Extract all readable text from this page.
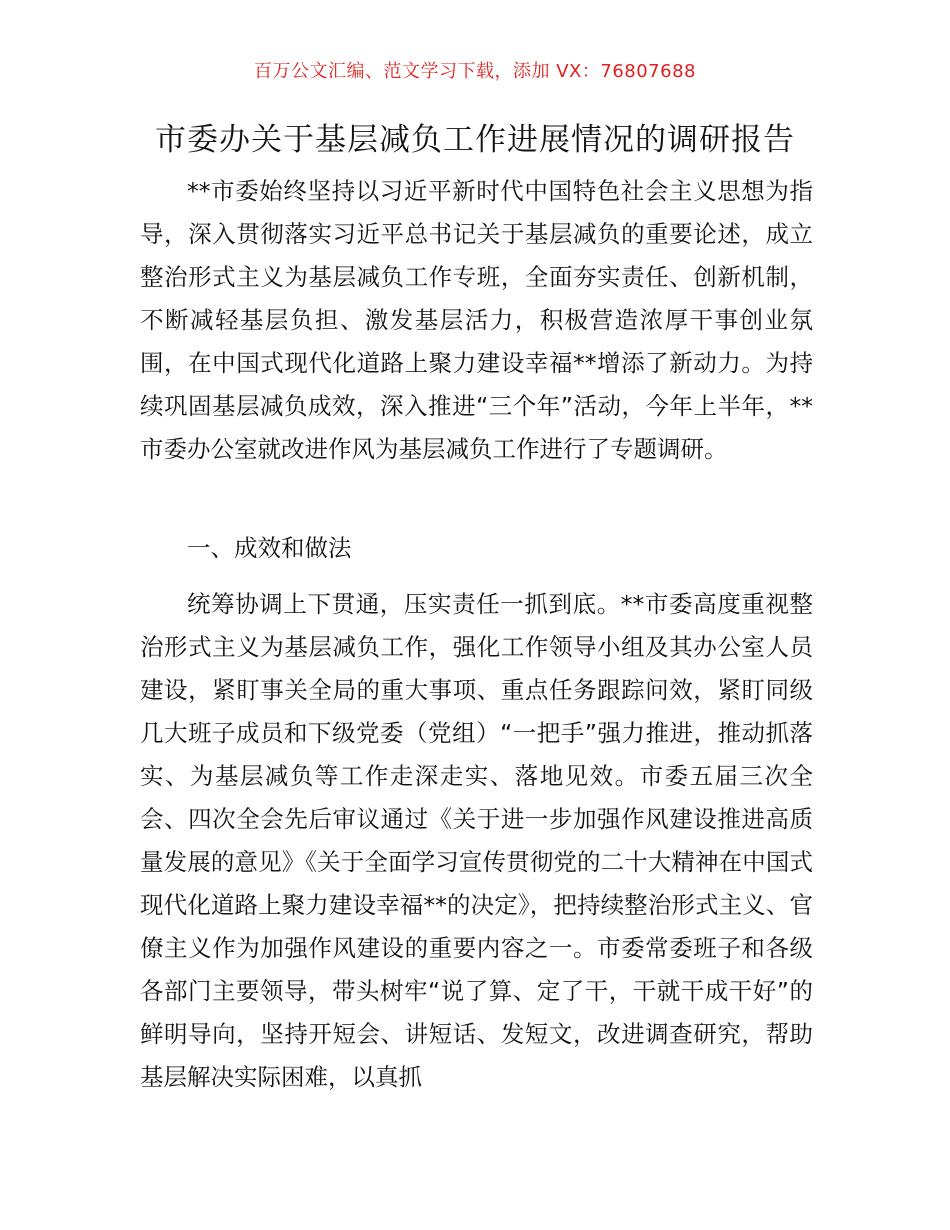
百万公文汇编、范文学习下载，添加 VX：76807688
市委办关于基层减负工作进展情况的调研报告
**市委始终坚持以习近平新时代中国特色社会主义思想为指导，深入贯彻落实习近平总书记关于基层减负的重要论述，成立整治形式主义为基层减负工作专班，全面夯实责任、创新机制，不断减轻基层负担、激发基层活力，积极营造浓厚干事创业氛围，在中国式现代化道路上聚力建设幸福**增添了新动力。为持续巩固基层减负成效，深入推进“三个年”活动，今年上半年，**市委办公室就改进作风为基层减负工作进行了专题调研。
一、成效和做法
统筹协调上下贯通，压实责任一抓到底。**市委高度重视整治形式主义为基层减负工作，强化工作领导小组及其办公室人员建设，紧盯事关全局的重大事项、重点任务跟踪问效，紧盯同级几大班子成员和下级党委（党组）“一把手”强力推进，推动抓落实、为基层减负等工作走深走实、落地见效。市委五届三次全会、四次全会先后审议通过《关于进一步加强作风建设推进高质量发展的意见》《关于全面学习宣传贯彻党的二十大精神在中国式现代化道路上聚力建设幸福**的决定》，把持续整治形式主义、官僚主义作为加强作风建设的重要内容之一。市委常委班子和各级各部门主要领导，带头树牢“说了算、定了干，干就干成干好”的鲜明导向，坚持开短会、讲短话、发短文，改进调查研究，帮助基层解决实际困难，以真抓
